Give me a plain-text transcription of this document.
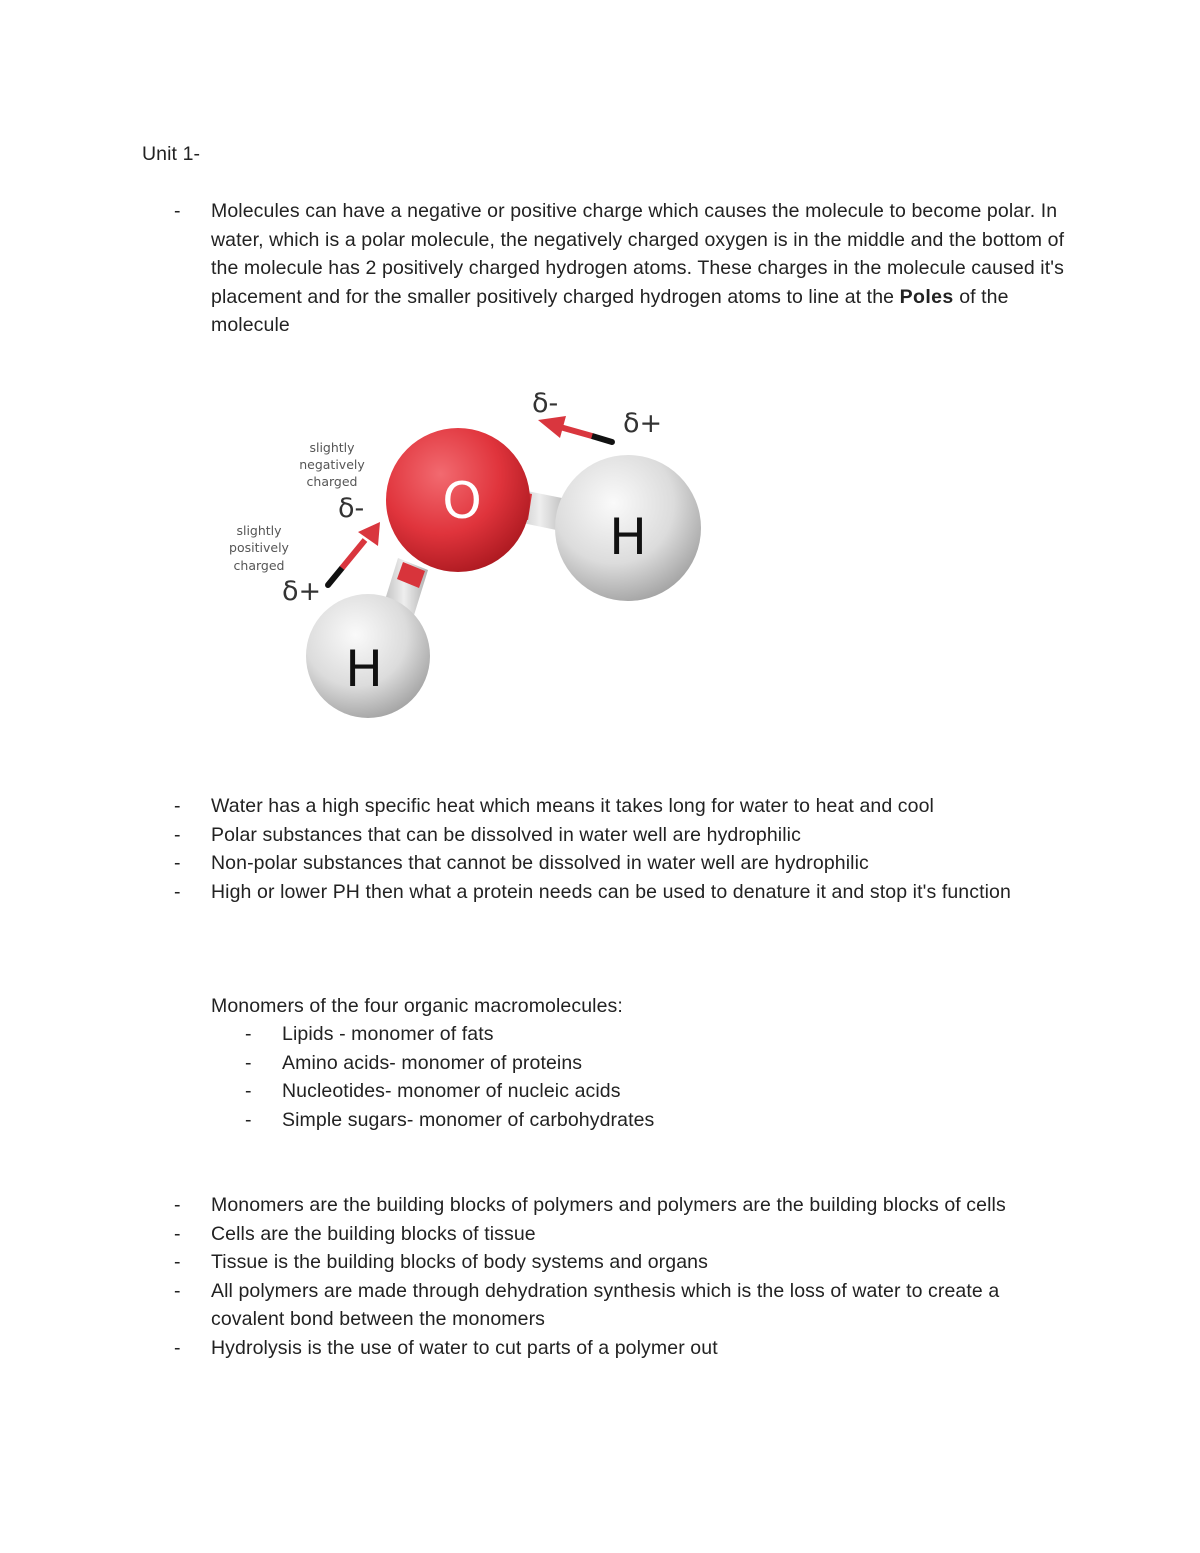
Unit 1-
- Molecules can have a negative or positive charge which causes the molecule to become polar. In water, which is a polar molecule, the negatively charged oxygen is in the middle and the bottom of the molecule has 2 positively charged hydrogen atoms. These charges in the molecule caused it's placement and for the smaller positively charged hydrogen atoms to line at the Poles of the molecule
O
H
H
δ-
δ+
δ-
δ+
slightly
negatively
charged
slightly
positively
charged
- Water has a high specific heat which means it takes long for water to heat and cool
- Polar substances that can be dissolved in water well are hydrophilic
- Non-polar substances that cannot be dissolved in water well are hydrophilic
- High or lower PH then what a protein needs can be used to denature it and stop it's function
Monomers of the four organic macromolecules:
- Lipids - monomer of fats
- Amino acids- monomer of proteins
- Nucleotides- monomer of nucleic acids
- Simple sugars- monomer of carbohydrates
- Monomers are the building blocks of polymers and polymers are the building blocks of cells
- Cells are the building blocks of tissue
- Tissue is the building blocks of body systems and organs
- All polymers are made through dehydration synthesis which is the loss of water to create a covalent bond between the monomers
- Hydrolysis is the use of water to cut parts of a polymer out
